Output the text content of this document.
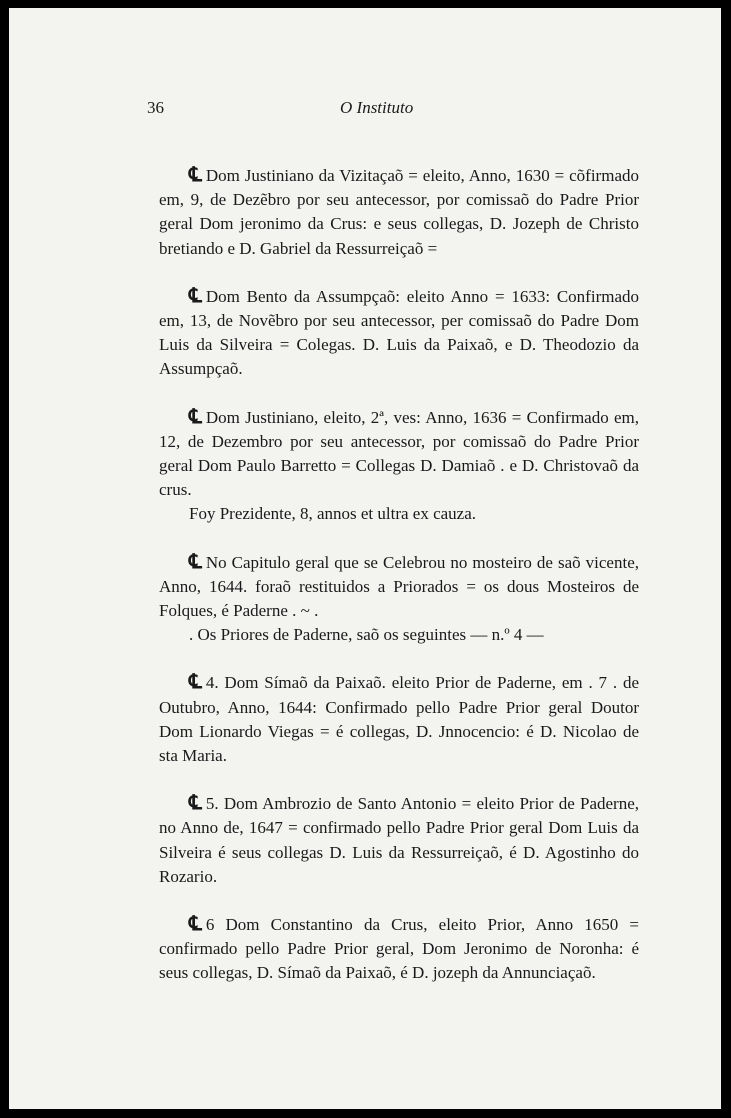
36	O Instituto

℄ Dom Justiniano da Vizitaçaõ = eleito, Anno, 1630 = cõfirmado em, 9, de Dezẽbro por seu antecessor, por comissaõ do Padre Prior geral Dom jeronimo da Crus: e seus collegas, D. Jozeph de Christo bretiando e D. Gabriel da Ressurreiçaõ =

℄ Dom Bento da Assumpçaõ: eleito Anno = 1633: Confirmado em, 13, de Novẽbro por seu antecessor, per comissaõ do Padre Dom Luis da Silveira = Colegas. D. Luis da Paixaõ, e D. Theodozio da Assumpçaõ.

℄ Dom Justiniano, eleito, 2ª, ves: Anno, 1636 = Confirmado em, 12, de Dezembro por seu antecessor, por comissaõ do Padre Prior geral Dom Paulo Barretto = Collegas D. Damiaõ . e D. Christovaõ da crus.

Foy Prezidente, 8, annos et ultra ex cauza.

℄ No Capitulo geral que se Celebrou no mosteiro de saõ vicente, Anno, 1644. foraõ restituidos a Priorados = os dous Mosteiros de Folques, é Paderne . ~ .

. Os Priores de Paderne, saõ os seguintes — n.º 4 —

℄ 4. Dom Símaõ da Paixaõ. eleito Prior de Paderne, em . 7 . de Outubro, Anno, 1644: Confirmado pello Padre Prior geral Doutor Dom Lionardo Viegas = é collegas, D. Jnnocencio: é D. Nicolao de sta Maria.

℄ 5. Dom Ambrozio de Santo Antonio = eleito Prior de Paderne, no Anno de, 1647 = confirmado pello Padre Prior geral Dom Luis da Silveira é seus collegas D. Luis da Ressurreiçaõ, é D. Agostinho do Rozario.

℄ 6 Dom Constantino da Crus, eleito Prior, Anno 1650 = confirmado pello Padre Prior geral, Dom Jeronimo de Noronha: é seus collegas, D. Símaõ da Paixaõ, é D. jozeph da Annunciaçaõ.
